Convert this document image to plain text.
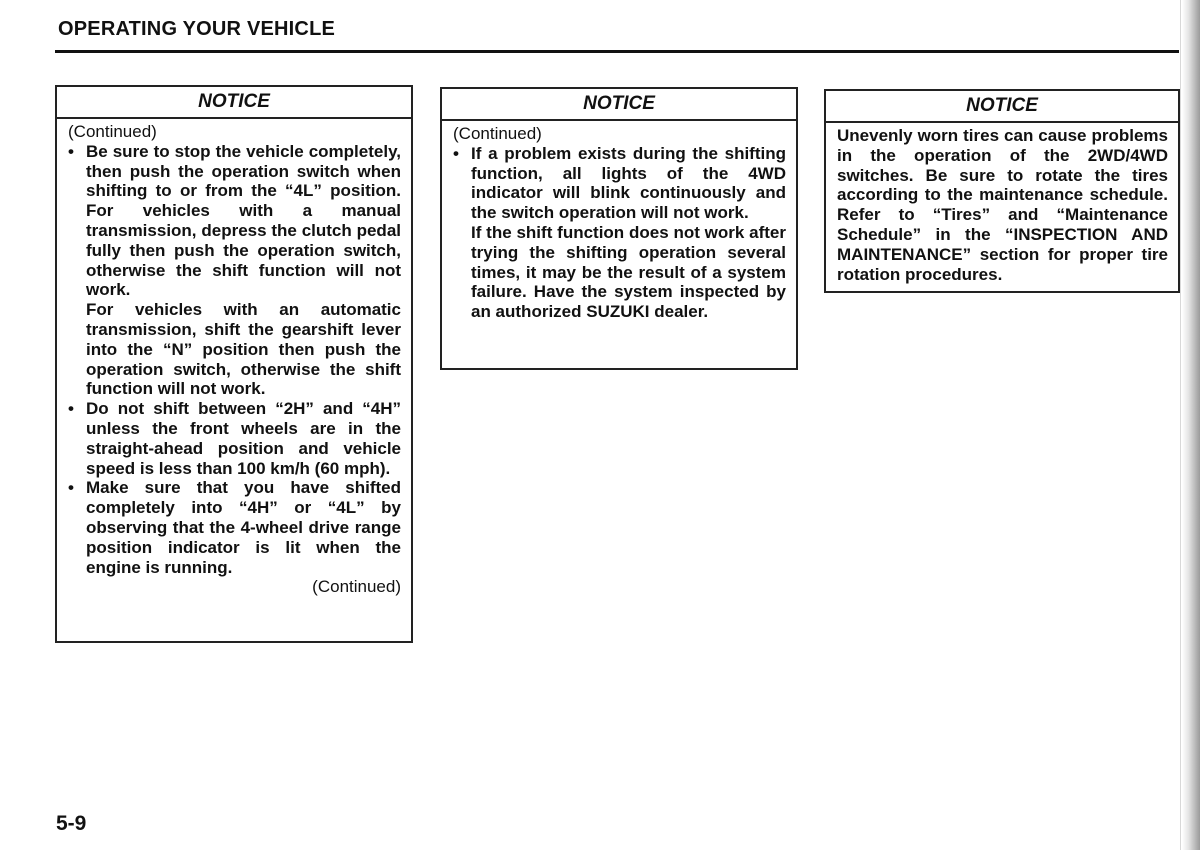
OPERATING YOUR VEHICLE
NOTICE
(Continued)
• Be sure to stop the vehicle completely, then push the operation switch when shifting to or from the “4L” position. For vehicles with a manual transmission, depress the clutch pedal fully then push the operation switch, otherwise the shift function will not work.

For vehicles with an automatic transmission, shift the gearshift lever into the “N” position then push the operation switch, otherwise the shift function will not work.

• Do not shift between “2H” and “4H” unless the front wheels are in the straight-ahead position and vehicle speed is less than 100 km/h (60 mph).

• Make sure that you have shifted completely into “4H” or “4L” by observing that the 4-wheel drive range position indicator is lit when the engine is running.

(Continued)
NOTICE
(Continued)
• If a problem exists during the shifting function, all lights of the 4WD indicator will blink continuously and the switch operation will not work.

If the shift function does not work after trying the shifting operation several times, it may be the result of a system failure. Have the system inspected by an authorized SUZUKI dealer.

NOTICE

Unevenly worn tires can cause problems in the operation of the 2WD/4WD switches. Be sure to rotate the tires according to the maintenance schedule. Refer to “Tires” and “Maintenance Schedule” in the “INSPECTION AND MAINTENANCE” section for proper tire rotation procedures.

5-9
